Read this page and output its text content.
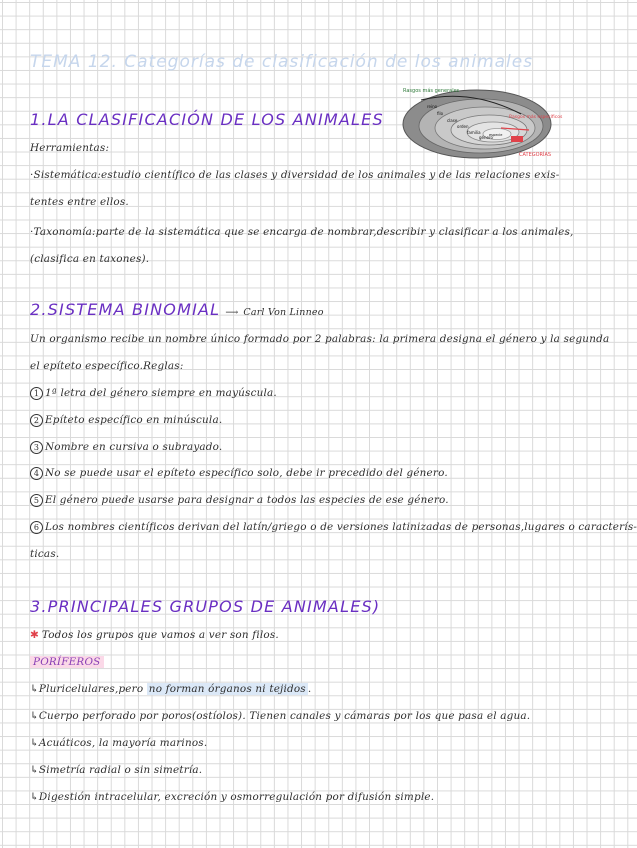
TEMA 12. Categorías de clasificación de los animales
1.LA CLASIFICACIÓN DE LOS ANIMALES
Herramientas:
·Sistemática:estudio científico de las clases y diversidad de los animales y de las relaciones exis-
tentes entre ellos.
·Taxonomía:parte de la sistemática que se encarga de nombrar,describir y clasificar a los animales,
(clasifica en taxones).
Rasgos más generales
Rasgos más específicos
CATEGORÍAS
reino
filo
clase
orden
familia
género
especie
2.SISTEMA BINOMIAL ⟶ Carl Von Linneo
Un organismo recibe un nombre único formado por 2 palabras: la primera designa el género y la segunda
el epíteto específico.Reglas:
1 1ª letra del género siempre en mayúscula.
2 Epíteto específico en minúscula.
3 Nombre en cursiva o subrayado.
4 No se puede usar el epíteto específico solo, debe ir precedido del género.
5 El género puede usarse para designar a todos las especies de ese género.
6 Los nombres científicos derivan del latín/griego o de versiones latinizadas de personas,lugares o caracterís-
ticas.
3.PRINCIPALES GRUPOS DE ANIMALES)
✱ Todos los grupos que vamos a ver son filos.
PORÍFEROS
↳Pluricelulares,pero no forman órganos ni tejidos .
↳Cuerpo perforado por poros(ostíolos). Tienen canales y cámaras por los que pasa el agua.
↳Acuáticos, la mayoría marinos.
↳Simetría radial o sin simetría.
↳Digestión intracelular, excreción y osmorregulación por difusión simple.
